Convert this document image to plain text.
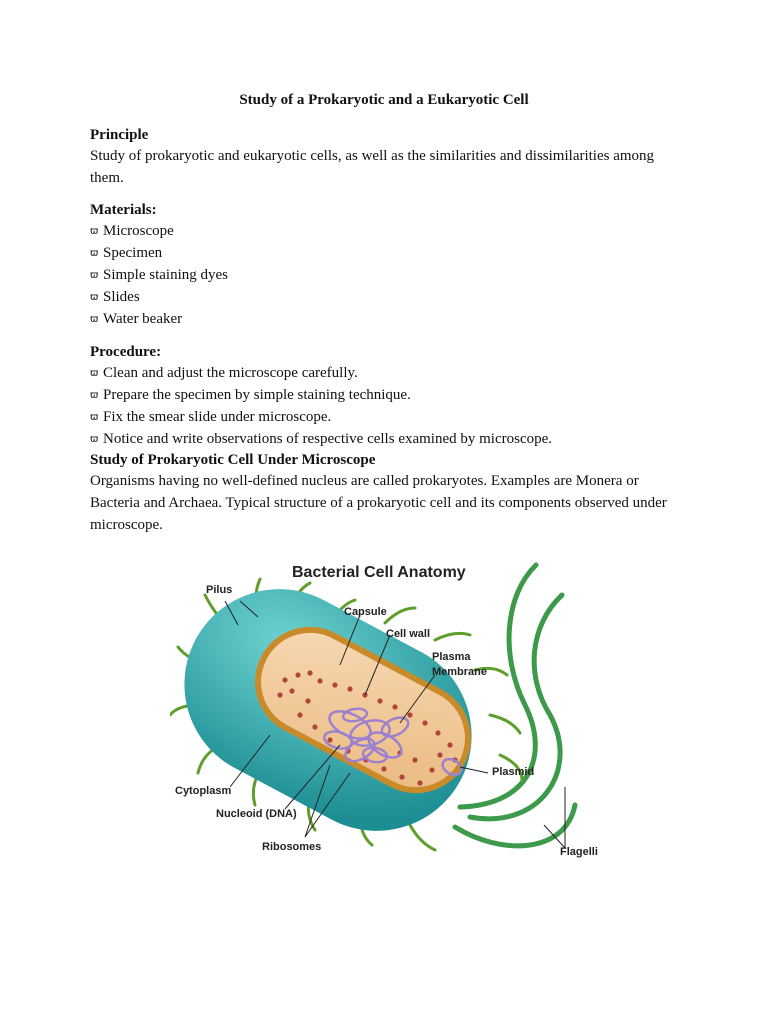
Study of a Prokaryotic and a Eukaryotic Cell
Principle
Study of prokaryotic and eukaryotic cells, as well as the similarities and dissimilarities among
them.
Materials:
ϖ
Microscope
ϖ
Specimen
ϖ
Simple staining dyes
ϖ
Slides
ϖ
Water beaker
Procedure:
ϖ
Clean and adjust the microscope carefully.
ϖ
Prepare the specimen by simple staining technique.
ϖ
Fix the smear slide under microscope.
ϖ
Notice and write observations of respective cells examined by microscope.
Study of Prokaryotic Cell Under Microscope
Organisms having no well-defined nucleus are called prokaryotes. Examples are Monera or
Bacteria and Archaea. Typical structure of a prokaryotic cell and its components observed under
microscope.
Bacterial Cell Anatomy
Pilus
Capsule
Cell wall
Plasma
Membrane
Plasmid
Cytoplasm
Nucleoid (DNA)
Ribosomes	Flagelli
